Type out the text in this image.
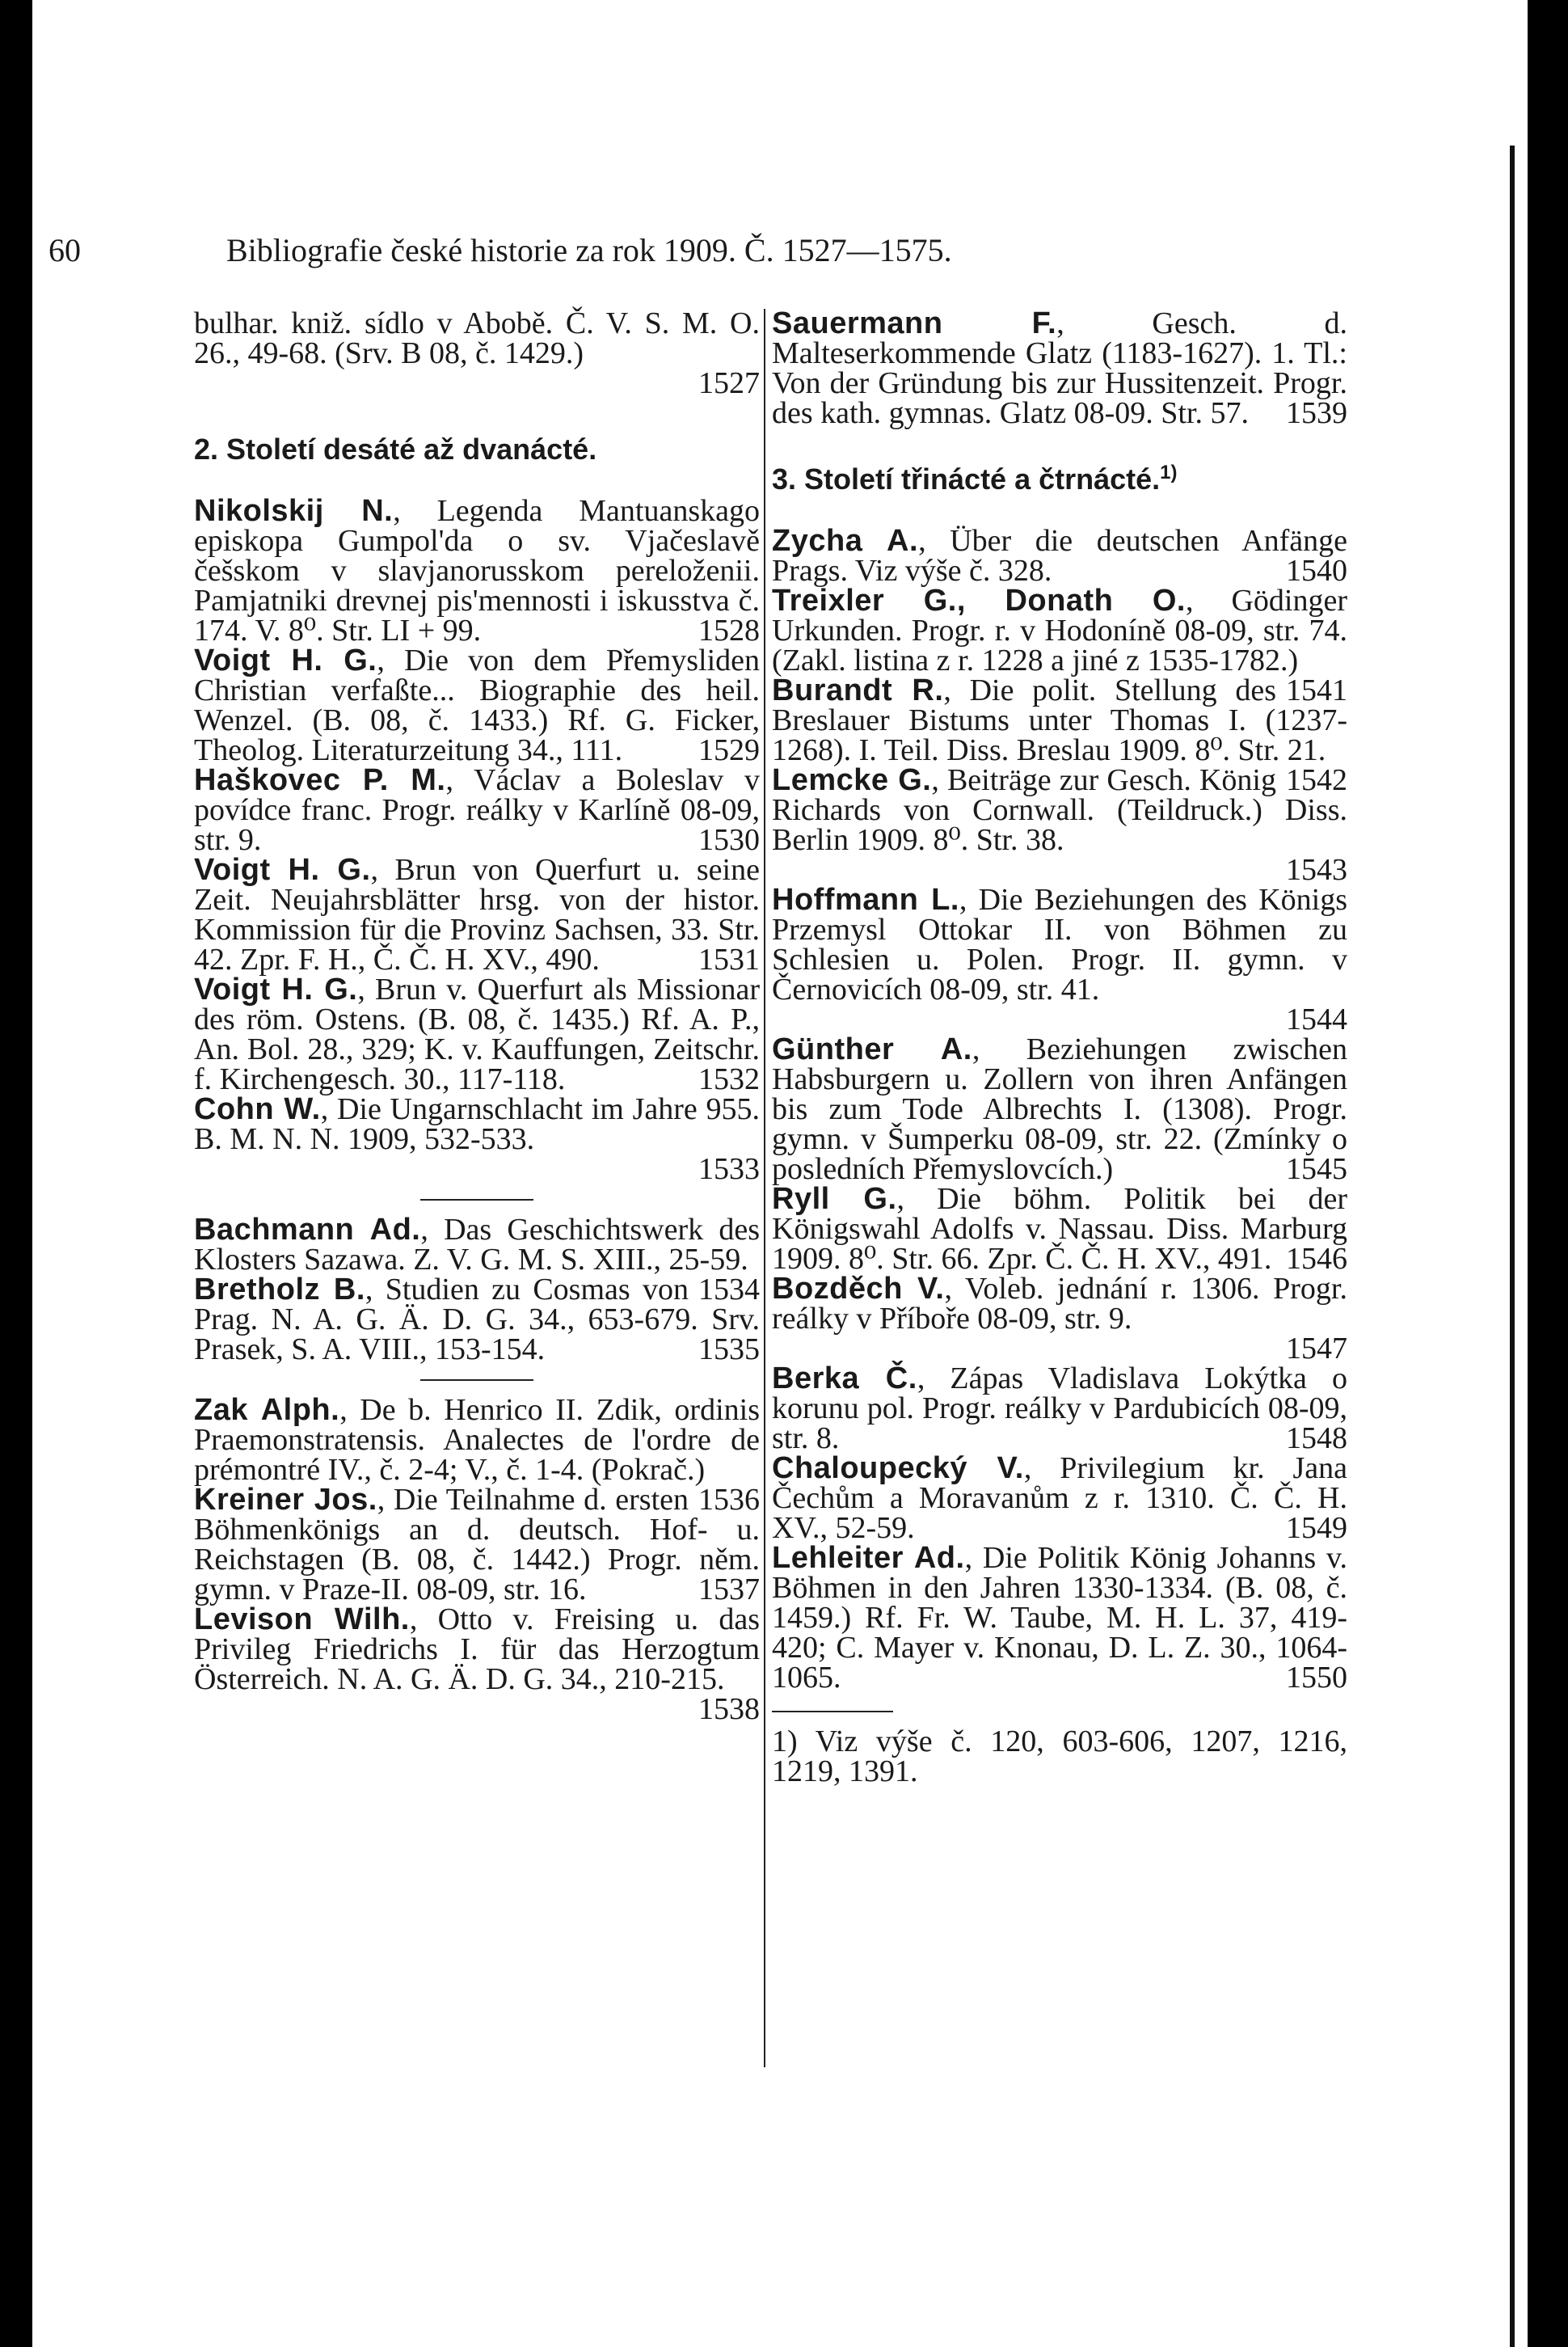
60	Bibliografie české historie za rok 1909. Č. 1527—1575.
bulhar. kniž. sídlo v Abobě. Č. V. S. M. O. 26., 49-68. (Srv. B 08, č. 1429.)
1527
2. Století desáté až dvanácté.
Nikolskij N., Legenda Mantuanskago episkopa Gumpol'da o sv. Vjačeslavě češskom v slavjanorusskom pereloženii. Pamjatniki drevnej pis'mennosti i iskusstva č. 174. V. 8⁰. Str. LI + 99.	1528
Voigt H. G., Die von dem Přemysliden Christian verfaßte... Biographie des heil. Wenzel. (B. 08, č. 1433.) Rf. G. Ficker, Theolog. Literaturzeitung 34., 111. 1529
Haškovec P. M., Václav a Boleslav v povídce franc. Progr. reálky v Karlíně 08-09, str. 9.	1530
Voigt H. G., Brun von Querfurt u. seine Zeit. Neujahrsblätter hrsg. von der histor. Kommission für die Provinz Sachsen, 33. Str. 42. Zpr. F. H., Č. Č. H. XV., 490.	1531
Voigt H. G., Brun v. Querfurt als Missionar des röm. Ostens. (B. 08, č. 1435.) Rf. A. P., An. Bol. 28., 329; K. v. Kauffungen, Zeitschr. f. Kirchengesch. 30., 117-118.	1532
Cohn W., Die Ungarnschlacht im Jahre 955. B. M. N. N. 1909, 532-533.
1533
Bachmann Ad., Das Geschichtswerk des Klosters Sazawa. Z. V. G. M. S. XIII., 25-59.
1534
Bretholz B., Studien zu Cosmas von Prag. N. A. G. Ä. D. G. 34., 653-679. Srv. Prasek, S. A. VIII., 153-154.	1535
Zak Alph., De b. Henrico II. Zdik, ordinis Praemonstratensis. Analectes de l'ordre de prémontré IV., č. 2-4; V., č. 1-4. (Pokrač.)
1536
Kreiner Jos., Die Teilnahme d. ersten Böhmenkönigs an d. deutsch. Hof- u. Reichstagen (B. 08, č. 1442.) Progr. něm. gymn. v Praze-II. 08-09, str. 16.	1537
Levison Wilh., Otto v. Freising u. das Privileg Friedrichs I. für das Herzogtum Österreich. N. A. G. Ä. D. G. 34., 210-215.
1538
Sauermann F., Gesch. d. Malteserkommende Glatz (1183-1627). 1. Tl.: Von der Gründung bis zur Hussitenzeit. Progr. des kath. gymnas. Glatz 08-09. Str. 57. 1539
3. Století třinácté a čtrnácté.$^{1)}$
Zycha A., Über die deutschen Anfänge Prags. Viz výše č. 328.	1540
Treixler G., Donath O., Gödinger Urkunden. Progr. r. v Hodoníně 08-09, str. 74. (Zakl. listina z r. 1228 a jiné z 1535-1782.)
1541
Burandt R., Die polit. Stellung des Breslauer Bistums unter Thomas I. (1237-1268). I. Teil. Diss. Breslau 1909. 8⁰. Str. 21.
1542
Lemcke G., Beiträge zur Gesch. König Richards von Cornwall. (Teildruck.) Diss. Berlin 1909. 8⁰. Str. 38.
1543
Hoffmann L., Die Beziehungen des Königs Przemysl Ottokar II. von Böhmen zu Schlesien u. Polen. Progr. II. gymn. v Černovicích 08-09, str. 41.
1544
Günther A., Beziehungen zwischen Habsburgern u. Zollern von ihren Anfängen bis zum Tode Albrechts I. (1308). Progr. gymn. v Šumperku 08-09, str. 22. (Zmínky o posledních Přemyslovcích.)	1545
Ryll G., Die böhm. Politik bei der Königswahl Adolfs v. Nassau. Diss. Marburg 1909. 8⁰. Str. 66. Zpr. Č. Č. H. XV., 491. 1546
Bozděch V., Voleb. jednání r. 1306. Progr. reálky v Příboře 08-09, str. 9.
1547
Berka Č., Zápas Vladislava Lokýtka o korunu pol. Progr. reálky v Pardubicích 08-09, str. 8.	1548
Chaloupecký V., Privilegium kr. Jana Čechům a Moravanům z r. 1310. Č. Č. H. XV., 52-59.	1549
Lehleiter Ad., Die Politik König Johanns v. Böhmen in den Jahren 1330-1334. (B. 08, č. 1459.) Rf. Fr. W. Taube, M. H. L. 37, 419-420; C. Mayer v. Knonau, D. L. Z. 30., 1064-1065.	1550
1) Viz výše č. 120, 603-606, 1207, 1216, 1219, 1391.
